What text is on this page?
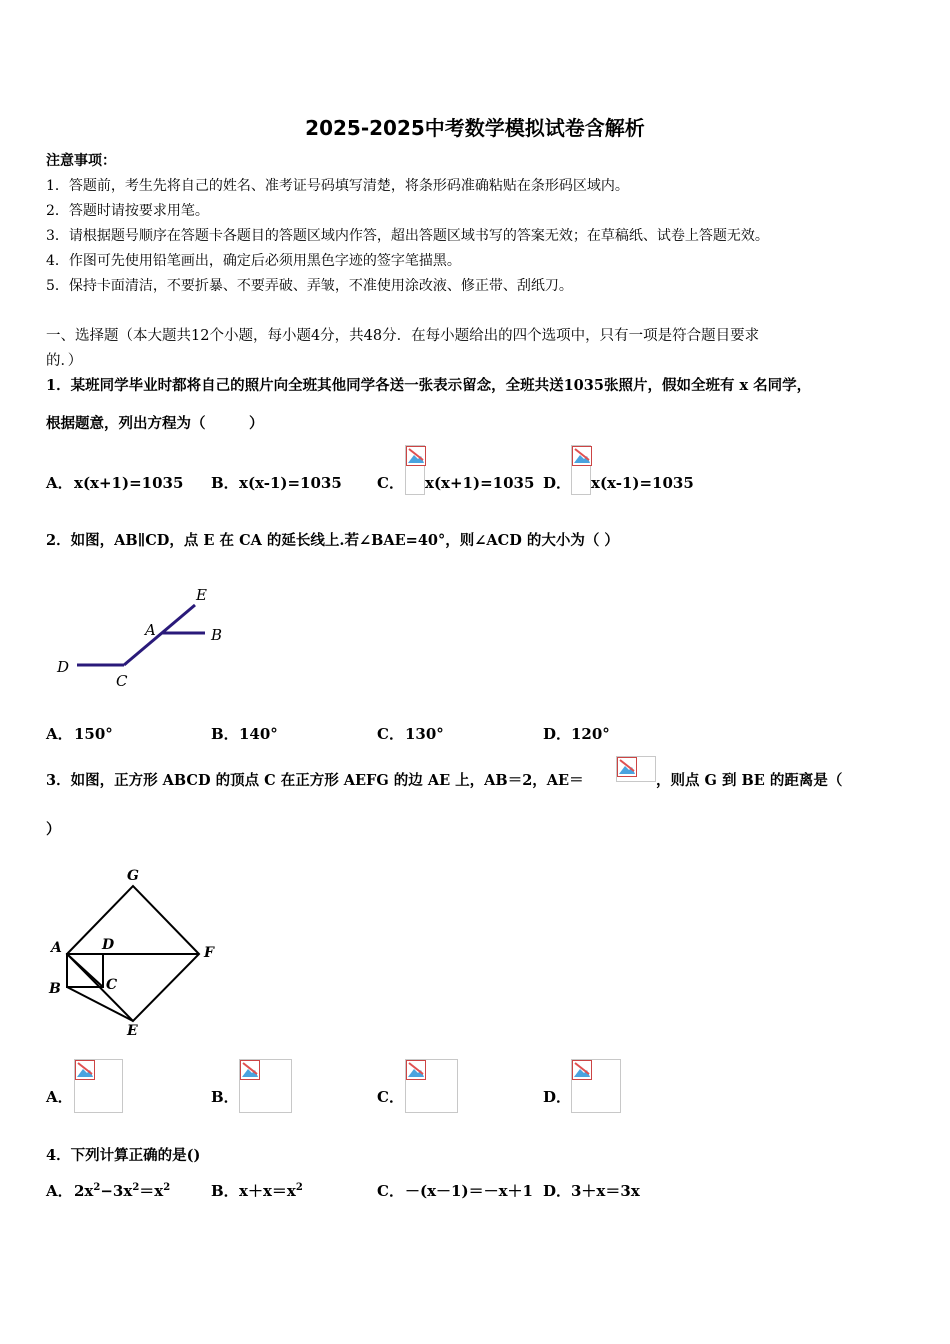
2025-2025中考数学模拟试卷含解析
注意事项：
1．答题前，考生先将自己的姓名、准考证号码填写清楚，将条形码准确粘贴在条形码区域内。
2．答题时请按要求用笔。
3．请根据题号顺序在答题卡各题目的答题区域内作答，超出答题区域书写的答案无效；在草稿纸、试卷上答题无效。
4．作图可先使用铅笔画出，确定后必须用黑色字迹的签字笔描黑。
5．保持卡面清洁，不要折暴、不要弄破、弄皱，不准使用涂改液、修正带、刮纸刀。
一、选择题（本大题共12个小题，每小题4分，共48分．在每小题给出的四个选项中，只有一项是符合题目要求
的．）
1．某班同学毕业时都将自己的照片向全班其他同学各送一张表示留念，全班共送1035张照片，假如全班有 x 名同学，
根据题意，列出方程为（　　　）
A． x(x+1)=1035 B． x(x-1)=1035 C． x(x+1)=1035 D． x(x-1)=1035
2．如图，AB∥CD，点 E 在 CA 的延长线上.若∠BAE=40°，则∠ACD 的大小为（ ）
E
A	B
D
C
A． 150°	B． 140°	C． 130°	D． 120°
3．如图，正方形 ABCD 的顶点 C 在正方形 AEFG 的边 AE 上，AB＝2，AE＝	，则点 G 到 BE 的距离是（
）
G
A	D	F
B	C
E
A．	B．	C．	D．
4．下列计算正确的是()
A． $2x^2-3x^2=x^2$	B． $x+x=x^2$	C． －(x－1)＝－x＋1 D． 3＋x＝3x
